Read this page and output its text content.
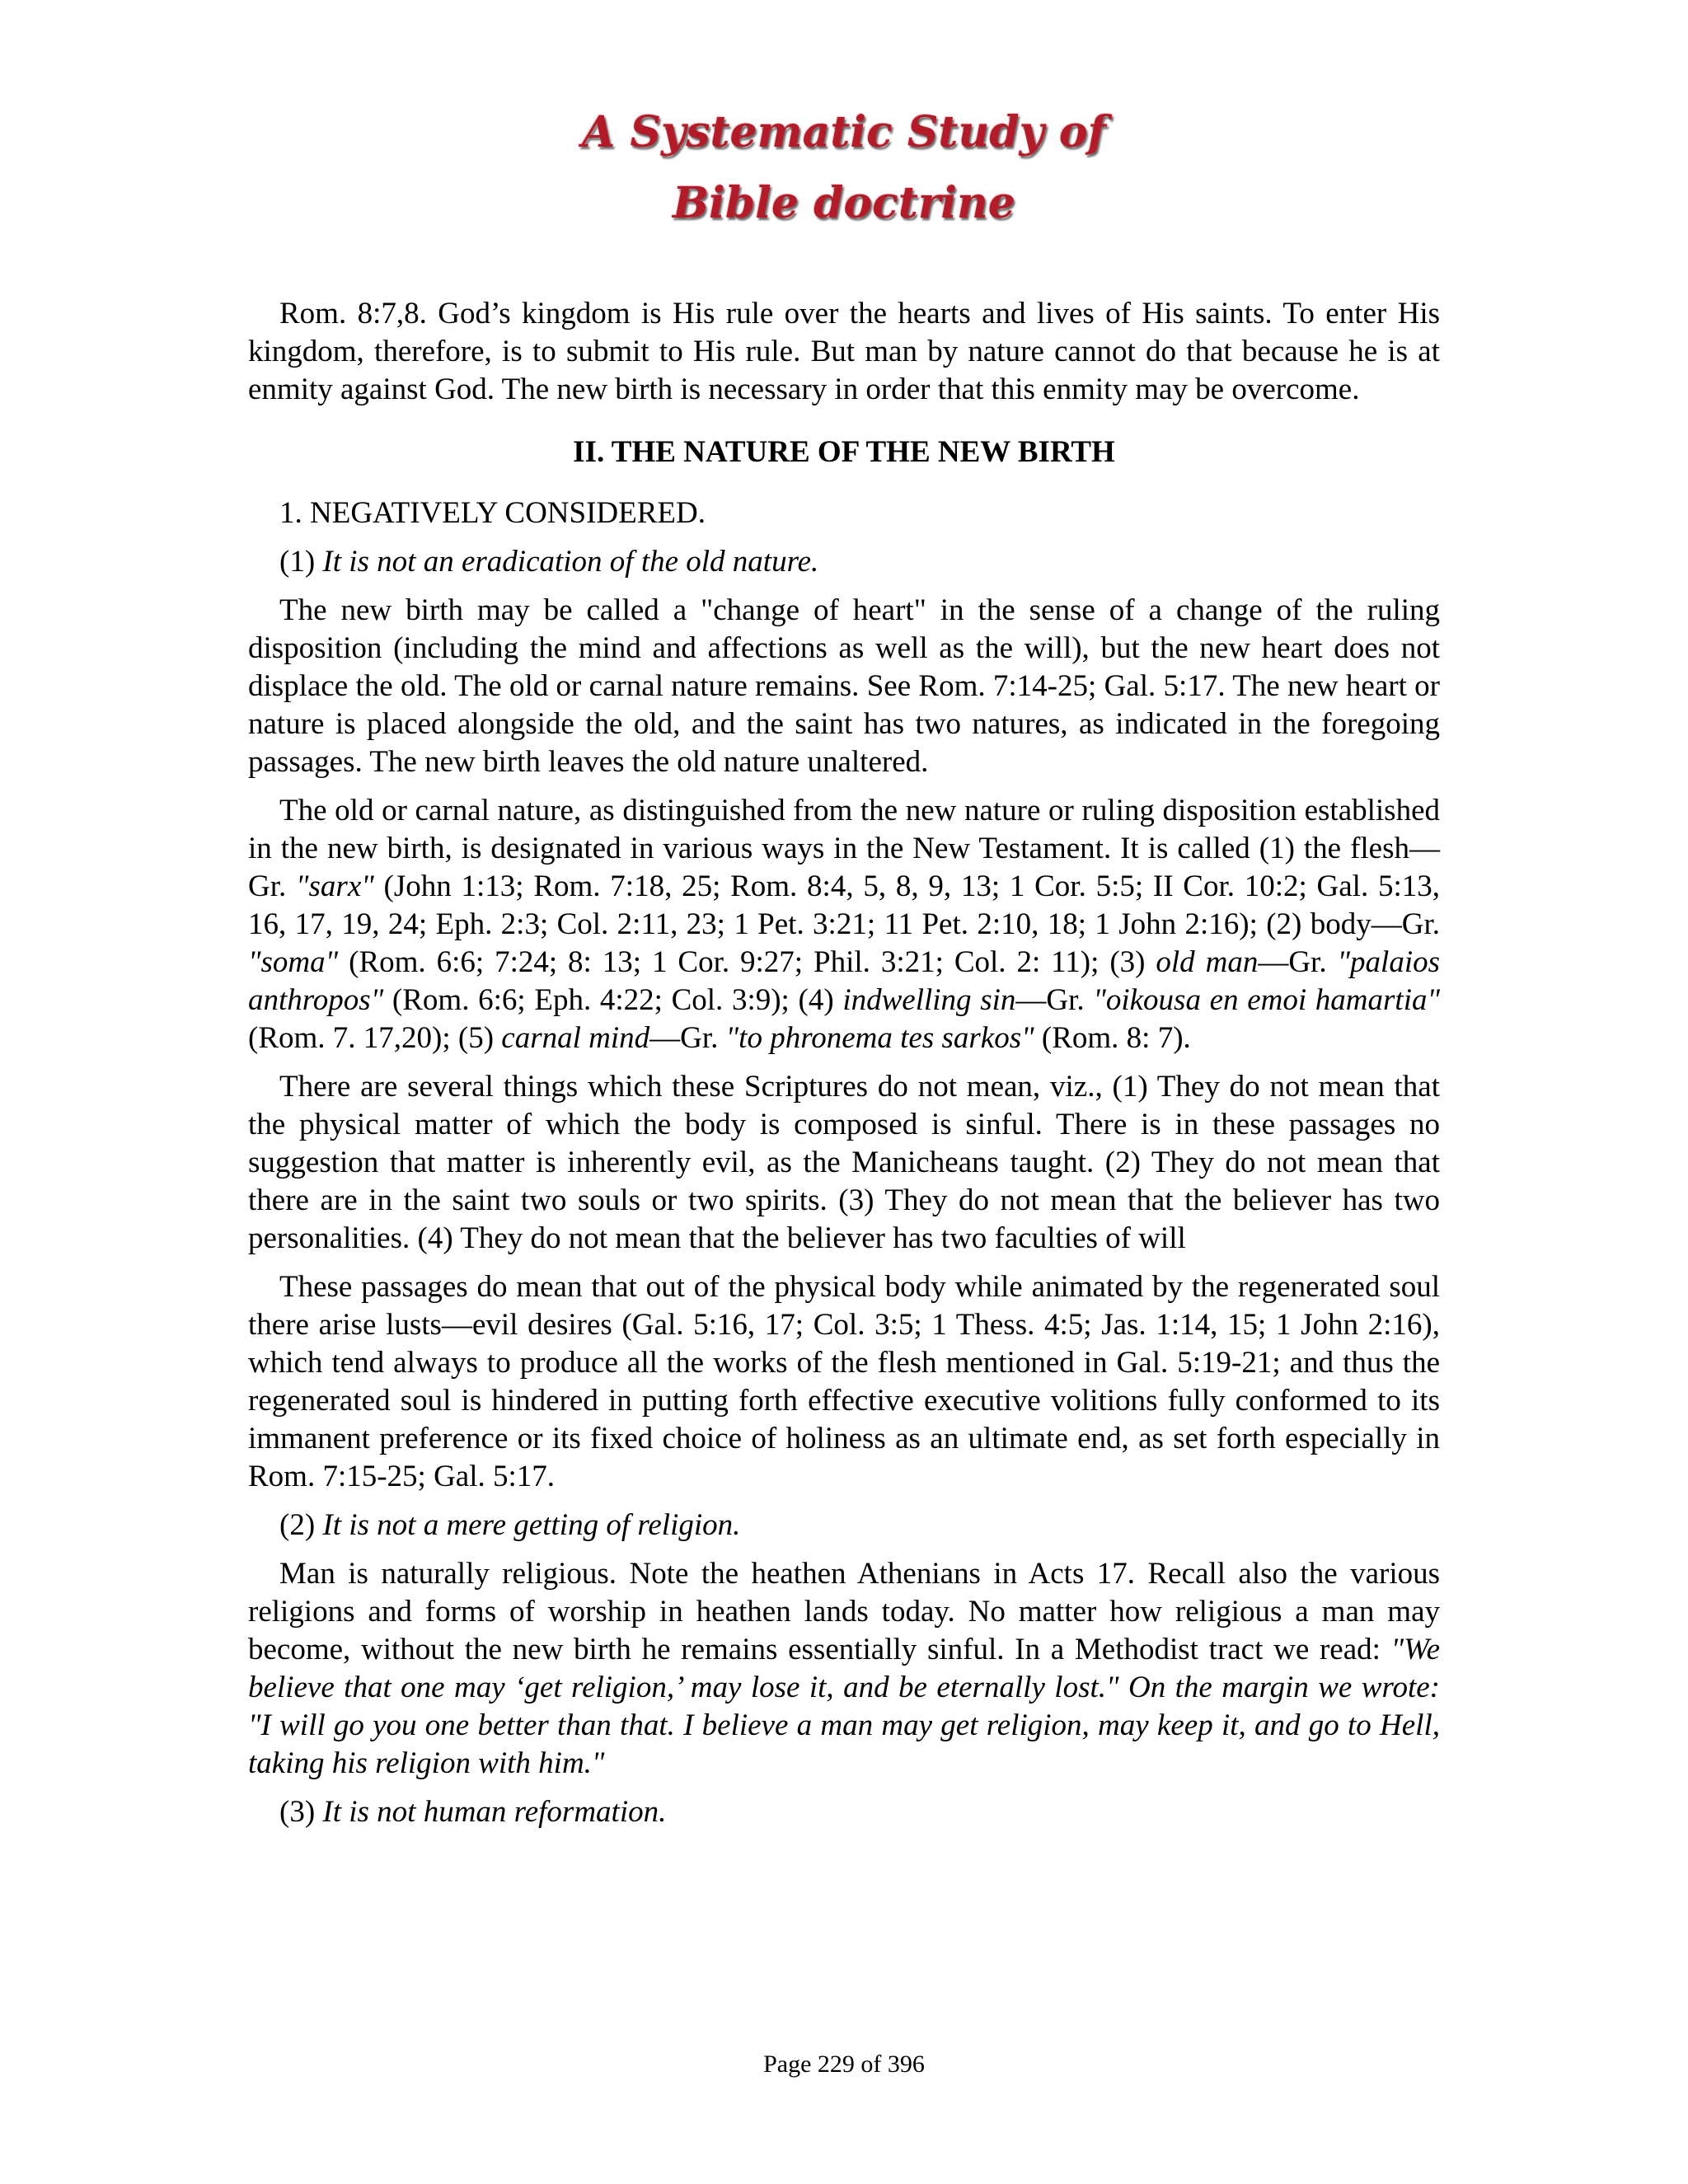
A Systematic Study of
Bible doctrine

Rom. 8:7,8. God’s kingdom is His rule over the hearts and lives of His saints. To enter His kingdom, therefore, is to submit to His rule. But man by nature cannot do that because he is at enmity against God. The new birth is necessary in order that this enmity may be overcome.

II. THE NATURE OF THE NEW BIRTH

1. NEGATIVELY CONSIDERED.

(1) It is not an eradication of the old nature.

The new birth may be called a "change of heart" in the sense of a change of the ruling disposition (including the mind and affections as well as the will), but the new heart does not displace the old. The old or carnal nature remains. See Rom. 7:14-25; Gal. 5:17. The new heart or nature is placed alongside the old, and the saint has two natures, as indicated in the foregoing passages. The new birth leaves the old nature unaltered.

The old or carnal nature, as distinguished from the new nature or ruling disposition established in the new birth, is designated in various ways in the New Testament. It is called (1) the flesh—Gr. "sarx" (John 1:13; Rom. 7:18, 25; Rom. 8:4, 5, 8, 9, 13; 1 Cor. 5:5; II Cor. 10:2; Gal. 5:13, 16, 17, 19, 24; Eph. 2:3; Col. 2:11, 23; 1 Pet. 3:21; 11 Pet. 2:10, 18; 1 John 2:16); (2) body—Gr. "soma" (Rom. 6:6; 7:24; 8: 13; 1 Cor. 9:27; Phil. 3:21; Col. 2: 11); (3) old man—Gr. "palaios anthropos" (Rom. 6:6; Eph. 4:22; Col. 3:9); (4) indwelling sin—Gr. "oikousa en emoi hamartia" (Rom. 7. 17,20); (5) carnal mind—Gr. "to phronema tes sarkos" (Rom. 8: 7).

There are several things which these Scriptures do not mean, viz., (1) They do not mean that the physical matter of which the body is composed is sinful. There is in these passages no suggestion that matter is inherently evil, as the Manicheans taught. (2) They do not mean that there are in the saint two souls or two spirits. (3) They do not mean that the believer has two personalities. (4) They do not mean that the believer has two faculties of will

These passages do mean that out of the physical body while animated by the regenerated soul there arise lusts—evil desires (Gal. 5:16, 17; Col. 3:5; 1 Thess. 4:5; Jas. 1:14, 15; 1 John 2:16), which tend always to produce all the works of the flesh mentioned in Gal. 5:19-21; and thus the regenerated soul is hindered in putting forth effective executive volitions fully conformed to its immanent preference or its fixed choice of holiness as an ultimate end, as set forth especially in Rom. 7:15-25; Gal. 5:17.

(2) It is not a mere getting of religion.

Man is naturally religious. Note the heathen Athenians in Acts 17. Recall also the various religions and forms of worship in heathen lands today. No matter how religious a man may become, without the new birth he remains essentially sinful. In a Methodist tract we read: "We believe that one may ‘get religion,’ may lose it, and be eternally lost." On the margin we wrote: "I will go you one better than that. I believe a man may get religion, may keep it, and go to Hell, taking his religion with him."

(3) It is not human reformation.

Page 229 of 396
